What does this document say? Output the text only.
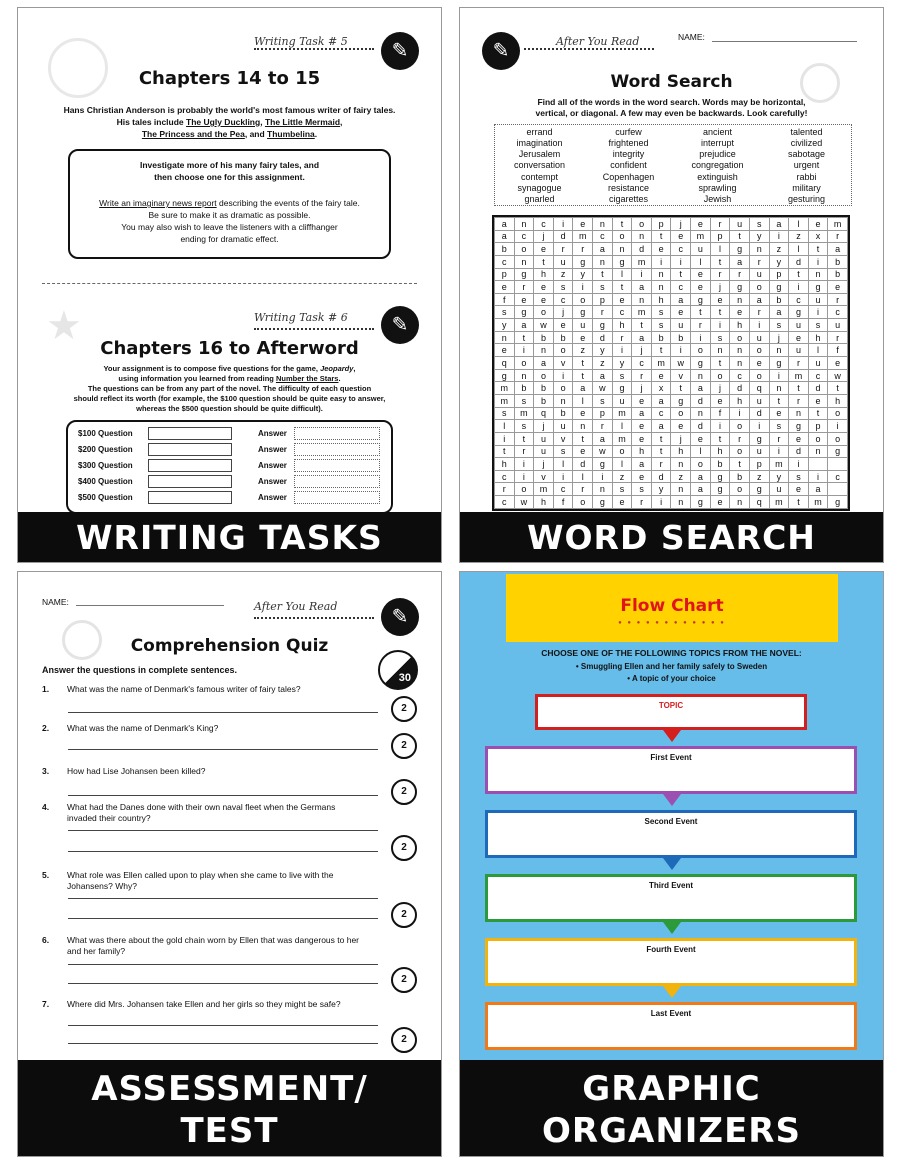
Writing Task # 5	✎
Chapters 14 to 15
Hans Christian Anderson is probably the world's most famous writer of fairy tales.
His tales include The Ugly Duckling, The Little Mermaid,
The Princess and the Pea, and Thumbelina.
Investigate more of his many fairy tales, and
then choose one for this assignment.
Write an imaginary news report describing the events of the fairy tale.
Be sure to make it as dramatic as possible.
You may also wish to leave the listeners with a cliffhanger
ending for dramatic effect.
★	Writing Task # 6	✎
Chapters 16 to Afterword
Your assignment is to compose five questions for the game, Jeopardy,
using information you learned from reading Number the Stars.
The questions can be from any part of the novel. The difficulty of each question
should reflect its worth (for example, the $100 question should be quite easy to answer,
whereas the $500 question should be quite difficult).
$100 Question	Answer
$200 Question	Answer
$300 Question	Answer
$400 Question	Answer
$500 Question	Answer
WRITING TASKS
✎	After You Read	NAME:
Word Search
Find all of the words in the word search. Words may be horizontal,
vertical, or diagonal. A few may even be backwards. Look carefully!
errand	curfew	ancient	talented
imagination	frightened	interrupt	civilized
Jerusalem	integrity	prejudice	sabotage
conversation	confident	congregation	urgent
contempt	Copenhagen	extinguish	rabbi
synagogue	resistance	sprawling	military
gnarled	cigarettes	Jewish	gesturing
a	n	c	i	e	n	t	o	p	j	e	r	u	s	a	l	e	m
a	c	j	d	m	c	o	n	t	e	m	p	t	y	i	z	x	r
b	o	e	r	r	a	n	d	e	c	u	l	g	n	z	l	t	a
c	n	t	u	g	n	g	m	i	i	l	t	a	r	y	d	i	b
p	g	h	z	y	t	l	i	n	t	e	r	r	u	p	t	n	b
e	r	e	s	i	s	t	a	n	c	e	j	g	o	g	i	g	e
f	e	e	c	o	p	e	n	h	a	g	e	n	a	b	c	u	r
s	g	o	j	g	r	c	m	s	e	t	t	e	r	a	g	i	c
y	a	w	e	u	g	h	t	s	u	r	i	h	i	s	u	s	u
n	t	b	b	e	d	r	a	b	b	i	s	o	u	j	e	h	r
e	i	n	o	z	y	i	j	t	i	o	n	n	o	n	u	l	f
q	o	a	v	t	z	y	c	m	w	g	t	n	e	g	r	u	e
g	n	o	i	t	a	s	r	e	v	n	o	c	o	i	m	c	w
m	b	b	o	a	w	g	j	x	t	a	j	d	q	n	t	d	t
m	s	b	n	l	s	u	e	a	g	d	e	h	u	t	r	e	h
s	m	q	b	e	p	m	a	c	o	n	f	i	d	e	n	t	o
l	s	j	u	n	r	l	e	a	e	d	i	o	i	s	g	p	i
i	t	u	v	t	a	m	e	t	j	e	t	r	g	r	e	o	o
t	r	u	s	e	w	o	h	t	h	l	h	o	u	i	d	n	g
h	i	j	l	d	g	l	a	r	n	o	b	t	p	m	i		
c	i	v	i	l	i	z	e	d	z	a	g	b	z	y	s	i	c
r	o	m	c	r	n	s	s	y	n	a	g	o	g	u	e	a	
c	w	h	f	o	g	e	r	i	n	g	e	n	q	m	t	m	g
WORD SEARCH
NAME:	After You Read	✎
Comprehension Quiz
Answer the questions in complete sentences.
30
1. What was the name of Denmark's famous writer of fairy tales?
2
2. What was the name of Denmark's King?
2
3. How had Lise Johansen been killed?
2
4. What had the Danes done with their own naval fleet when the Germans invaded their country?
2
5. What role was Ellen called upon to play when she came to live with the Johansens? Why?
2
6. What was there about the gold chain worn by Ellen that was dangerous to her and her family?
2
7. Where did Mrs. Johansen take Ellen and her girls so they might be safe?
2
ASSESSMENT/
TEST
Flow Chart
● ● ● ● ● ● ● ● ● ● ● ●
CHOOSE ONE OF THE FOLLOWING TOPICS FROM THE NOVEL:
• Smuggling Ellen and her family safely to Sweden
• A topic of your choice
TOPIC
First Event
Second Event
Third Event
Fourth Event
Last Event
GRAPHIC
ORGANIZERS
